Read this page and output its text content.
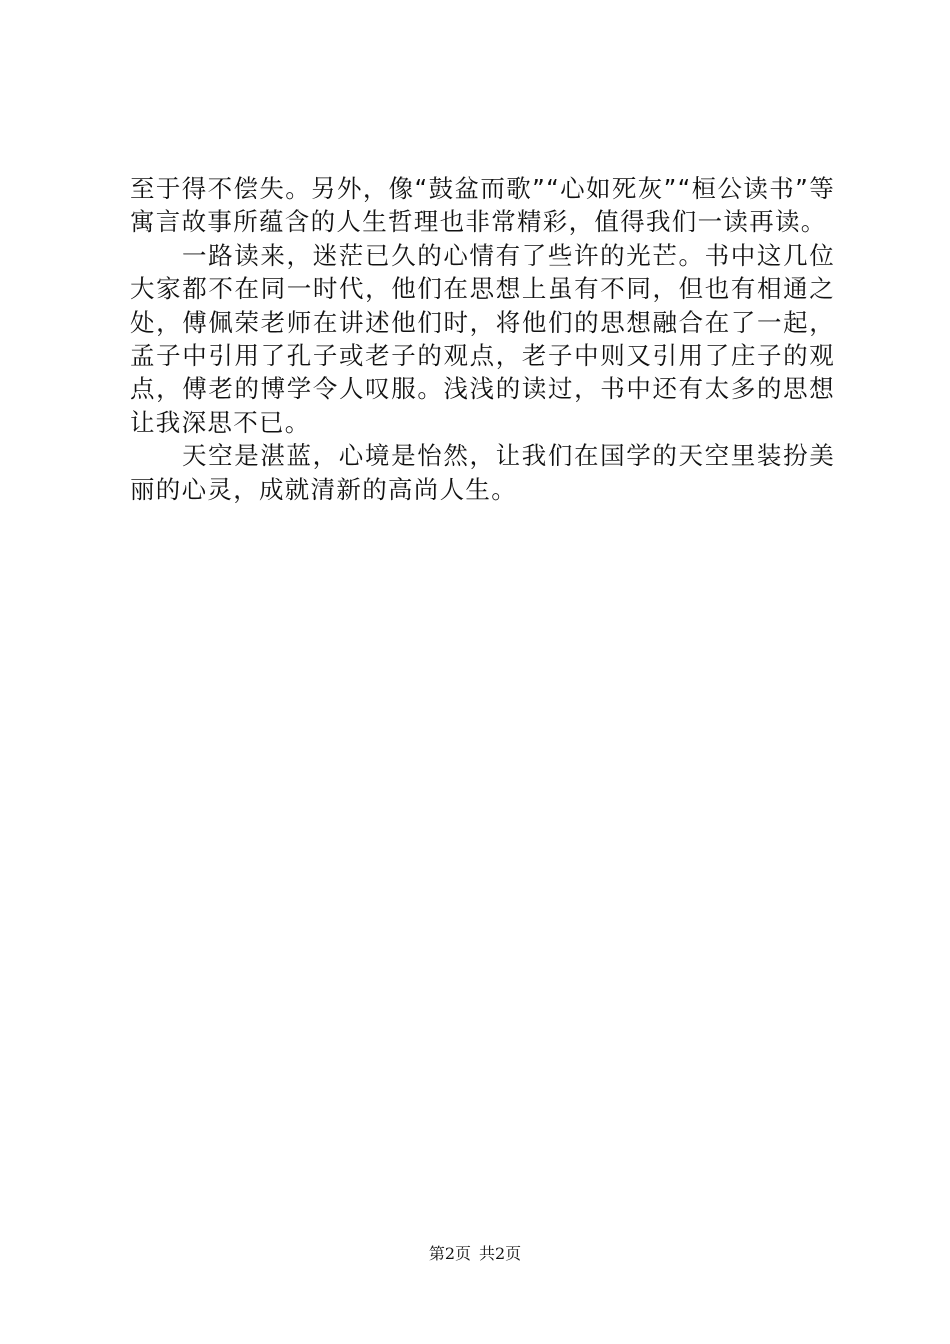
至于得不偿失。另外，像“鼓盆而歌”“心如死灰”“桓公读书”等寓言故事所蕴含的人生哲理也非常精彩，值得我们一读再读。

一路读来，迷茫已久的心情有了些许的光芒。书中这几位大家都不在同一时代，他们在思想上虽有不同，但也有相通之处，傅佩荣老师在讲述他们时，将他们的思想融合在了一起，孟子中引用了孔子或老子的观点，老子中则又引用了庄子的观点，傅老的博学令人叹服。浅浅的读过，书中还有太多的思想让我深思不已。

天空是湛蓝，心境是怡然，让我们在国学的天空里装扮美丽的心灵，成就清新的高尚人生。

第2页 共2页
